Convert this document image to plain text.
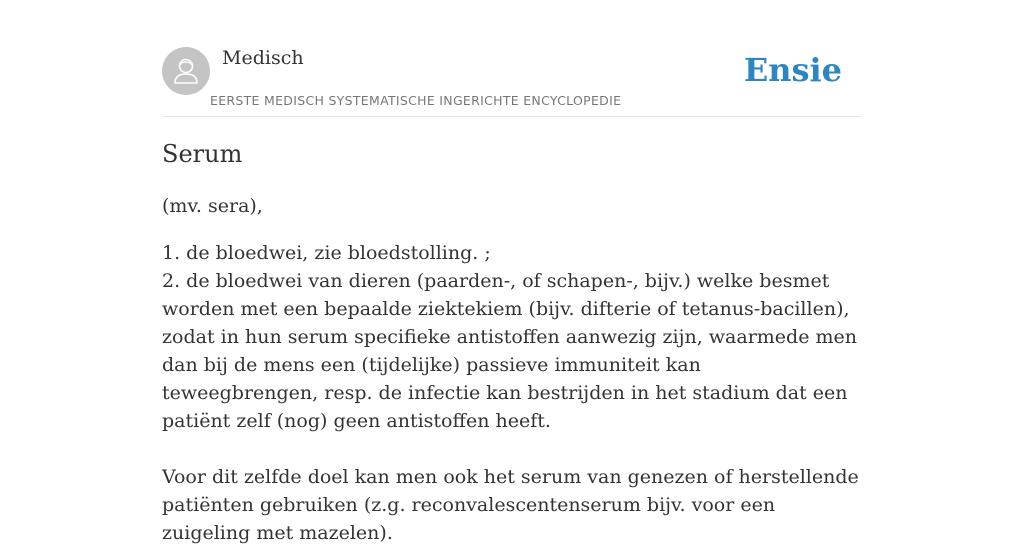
Medisch
EERSTE MEDISCH SYSTEMATISCHE INGERICHTE ENCYCLOPEDIE
Ensie
Serum
(mv. sera),

1. de bloedwei, zie bloedstolling. ;

2. de bloedwei van dieren (paarden-, of schapen-, bijv.) welke besmet worden met een bepaalde ziektekiem (bijv. difterie of tetanus-bacillen), zodat in hun serum specifieke antistoffen aanwezig zijn, waarmede men dan bij de mens een (tijdelijke) passieve immuniteit kan teweegbrengen, resp. de infectie kan bestrijden in het stadium dat een patiënt zelf (nog) geen antistoffen heeft.

Voor dit zelfde doel kan men ook het serum van genezen of herstellende patiënten gebruiken (z.g. reconvalescentenserum bijv. voor een zuigeling met mazelen).
